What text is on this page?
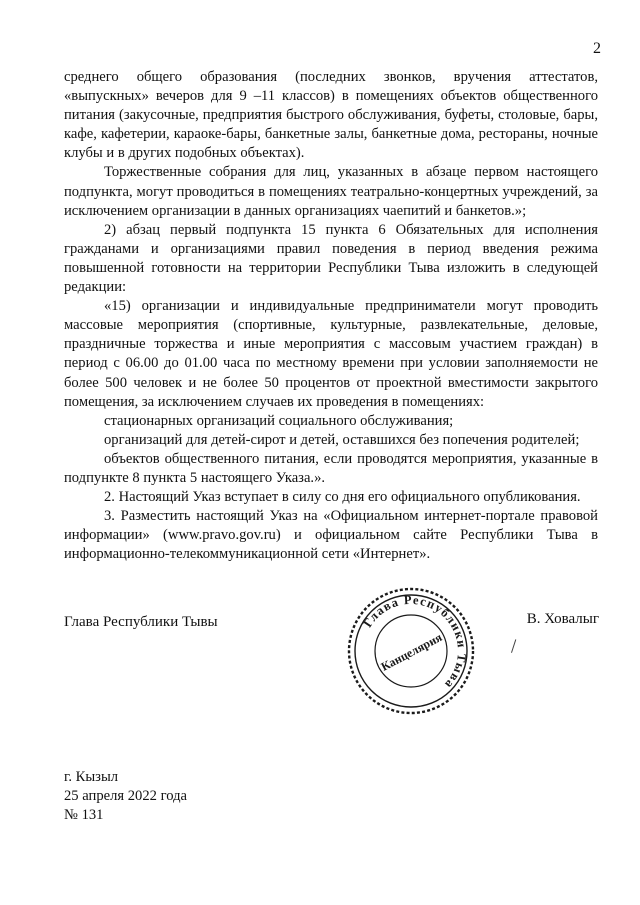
2

среднего общего образования (последних звонков, вручения аттестатов, «выпускных» вечеров для 9 –11 классов) в помещениях объектов общественного питания (закусочные, предприятия быстрого обслуживания, буфеты, столовые, бары, кафе, кафетерии, караоке-бары, банкетные залы, банкетные дома, рестораны, ночные клубы и в других подобных объектах).

Торжественные собрания для лиц, указанных в абзаце первом настоящего подпункта, могут проводиться в помещениях театрально-концертных учреждений, за исключением организации в данных организациях чаепитий и банкетов.»;

2) абзац первый подпункта 15 пункта 6 Обязательных для исполнения гражданами и организациями правил поведения в период введения режима повышенной готовности на территории Республики Тыва изложить в следующей редакции:

«15) организации и индивидуальные предприниматели могут проводить массовые мероприятия (спортивные, культурные, развлекательные, деловые, праздничные торжества и иные мероприятия с массовым участием граждан) в период с 06.00 до 01.00 часа по местному времени при условии заполняемости не более 500 человек и не более 50 процентов от проектной вместимости закрытого помещения, за исключением случаев их проведения в помещениях:

стационарных организаций социального обслуживания;

организаций для детей-сирот и детей, оставшихся без попечения родителей;

объектов общественного питания, если проводятся мероприятия, указанные в подпункте 8 пункта 5 настоящего Указа.».

2. Настоящий Указ вступает в силу со дня его официального опубликования.

3. Разместить настоящий Указ на «Официальном интернет-портале правовой информации» (www.pravo.gov.ru) и официальном сайте Республики Тыва в информационно-телекоммуникационной сети «Интернет».

Глава Республики Тывы	В. Ховалыг
Глава Республики Тыва
Канцелярия
г. Кызыл
25 апреля 2022 года
№ 131
